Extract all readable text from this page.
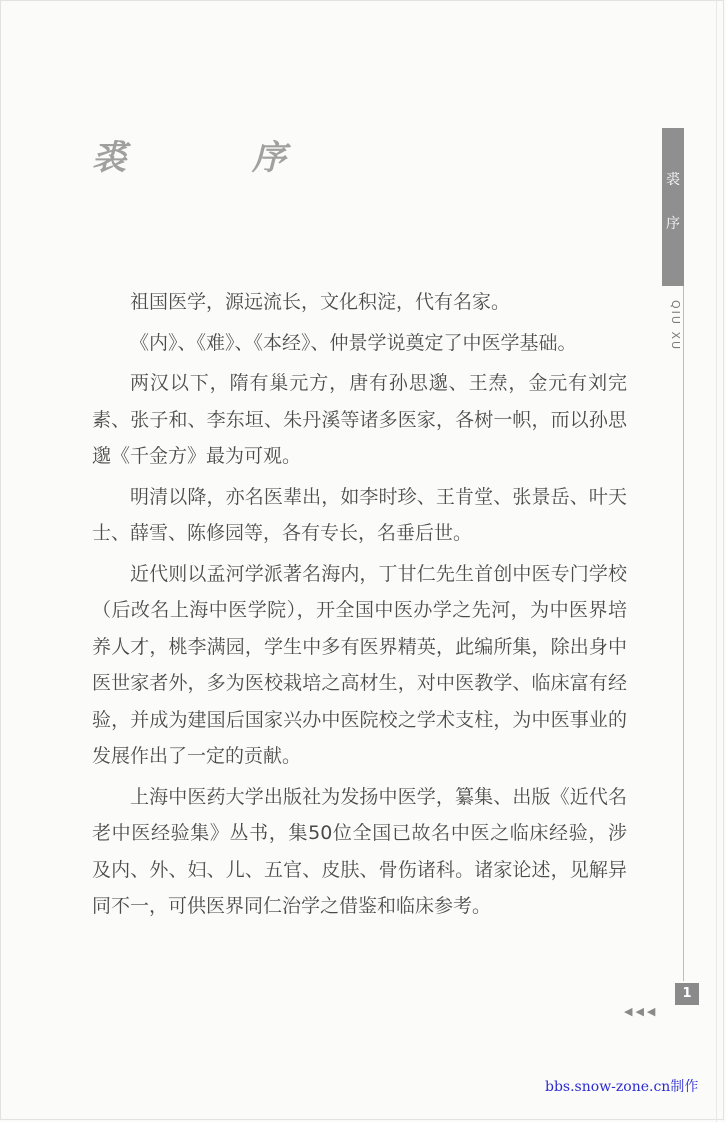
裘　序

祖国医学，源远流长，文化积淀，代有名家。

《内》、《难》、《本经》、仲景学说奠定了中医学基础。

两汉以下，隋有巢元方，唐有孙思邈、王焘，金元有刘完素、张子和、李东垣、朱丹溪等诸多医家，各树一帜，而以孙思邈《千金方》最为可观。

明清以降，亦名医辈出，如李时珍、王肯堂、张景岳、叶天士、薛雪、陈修园等，各有专长，名垂后世。

近代则以孟河学派著名海内，丁甘仁先生首创中医专门学校（后改名上海中医学院），开全国中医办学之先河，为中医界培养人才，桃李满园，学生中多有医界精英，此编所集，除出身中医世家者外，多为医校栽培之高材生，对中医教学、临床富有经验，并成为建国后国家兴办中医院校之学术支柱，为中医事业的发展作出了一定的贡献。

上海中医药大学出版社为发扬中医学，纂集、出版《近代名老中医经验集》丛书，集50位全国已故名中医之临床经验，涉及内、外、妇、儿、五官、皮肤、骨伤诸科。诸家论述，见解异同不一，可供医界同仁治学之借鉴和临床参考。

裘
序
QIU XU
1
◀◀◀
bbs.snow-zone.cn制作
